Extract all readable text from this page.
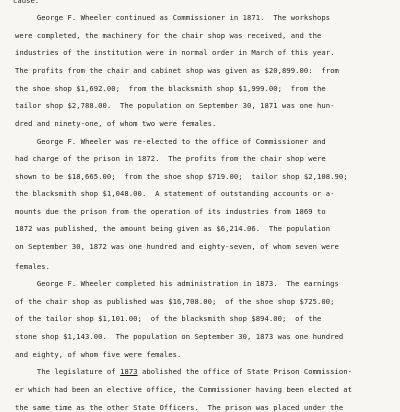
cause.
George F. Wheeler continued as Commissioner in 1871.  The workshops
were completed, the machinery for the chair shop was received, and the
industries of the institution were in normal order in March of this year.
The profits from the chair and cabinet shop was given as $20,899.00:  from
the shoe shop $1,692.00;  from the blacksmith shop $1,999.00;  from the
tailor shop $2,788.00.  The population on September 30, 1871 was one hun-
dred and ninety-one, of whom two were females.
George F. Wheeler was re-elected to the office of Commissioner and
had charge of the prison in 1872.  The profits from the chair shop were
shown to be $18,665.00;  from the shoe shop $719.00;  tailor shop $2,108.90;
the blacksmith shop $1,048.00.  A statement of outstanding accounts or a-
mounts due the prison from the operation of its industries from 1869 to
1872 was published, the amount being given as $6,214.06.  The population
on September 30, 1872 was one hundred and eighty-seven, of whom seven were
females.
George F. Wheeler completed his administration in 1873.  The earnings
of the chair shop as published was $16,708.00;  of the shoe shop $725.00;
of the tailor shop $1,101.00;  of the blacksmith shop $894.00;  of the
stone shop $1,143.00.  The population on September 30, 1873 was one hundred
and eighty, of whom five were females.
The legislature of 1873 abolished the office of State Prison Commission-
er which had been an elective office, the Commissioner having been elected at
the same time as the other State Officers.  The prison was placed under the
